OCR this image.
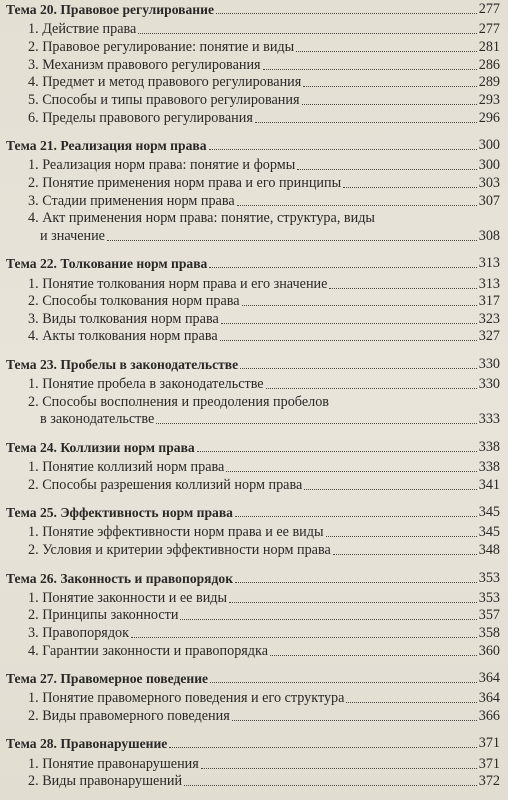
Тема 20. Правовое регулирование	277
1. Действие права	277
2. Правовое регулирование: понятие и виды	281
3. Механизм правового регулирования	286
4. Предмет и метод правового регулирования	289
5. Способы и типы правового регулирования	293
6. Пределы правового регулирования	296
Тема 21. Реализация норм права	300
1. Реализация норм права: понятие и формы	300
2. Понятие применения норм права и его принципы	303
3. Стадии применения норм права	307
4. Акт применения норм права: понятие, структура, виды
и значение	308
Тема 22. Толкование норм права	313
1. Понятие толкования норм права и его значение	313
2. Способы толкования норм права	317
3. Виды толкования норм права	323
4. Акты толкования норм права	327
Тема 23. Пробелы в законодательстве	330
1. Понятие пробела в законодательстве	330
2. Способы восполнения и преодоления пробелов
в законодательстве	333
Тема 24. Коллизии норм права	338
1. Понятие коллизий норм права	338
2. Способы разрешения коллизий норм права	341
Тема 25. Эффективность норм права	345
1. Понятие эффективности норм права и ее виды	345
2. Условия и критерии эффективности норм права	348
Тема 26. Законность и правопорядок	353
1. Понятие законности и ее виды	353
2. Принципы законности	357
3. Правопорядок	358
4. Гарантии законности и правопорядка	360
Тема 27. Правомерное поведение	364
1. Понятие правомерного поведения и его структура	364
2. Виды правомерного поведения	366
Тема 28. Правонарушение	371
1. Понятие правонарушения	371
2. Виды правонарушений	372
